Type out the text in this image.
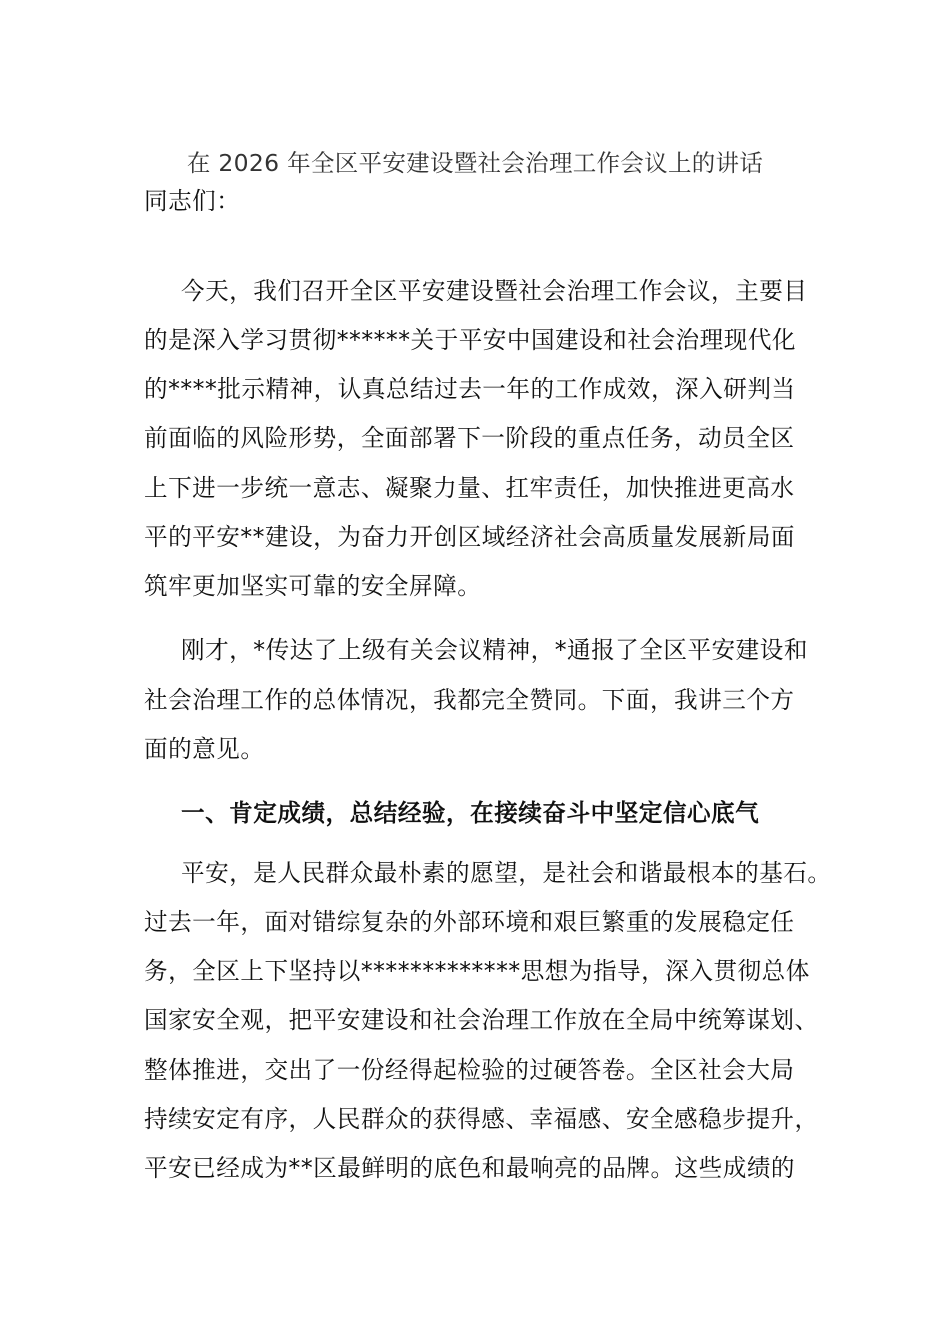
在 2026 年全区平安建设暨社会治理工作会议上的讲话
同志们：
今天，我们召开全区平安建设暨社会治理工作会议，主要目
的是深入学习贯彻******关于平安中国建设和社会治理现代化
的****批示精神，认真总结过去一年的工作成效，深入研判当
前面临的风险形势，全面部署下一阶段的重点任务，动员全区
上下进一步统一意志、凝聚力量、扛牢责任，加快推进更高水
平的平安**建设，为奋力开创区域经济社会高质量发展新局面
筑牢更加坚实可靠的安全屏障。
刚才，*传达了上级有关会议精神，*通报了全区平安建设和
社会治理工作的总体情况，我都完全赞同。下面，我讲三个方
面的意见。
一、肯定成绩，总结经验，在接续奋斗中坚定信心底气
平安，是人民群众最朴素的愿望，是社会和谐最根本的基石。
过去一年，面对错综复杂的外部环境和艰巨繁重的发展稳定任
务，全区上下坚持以*************思想为指导，深入贯彻总体
国家安全观，把平安建设和社会治理工作放在全局中统筹谋划、
整体推进，交出了一份经得起检验的过硬答卷。全区社会大局
持续安定有序，人民群众的获得感、幸福感、安全感稳步提升，
平安已经成为**区最鲜明的底色和最响亮的品牌。这些成绩的
